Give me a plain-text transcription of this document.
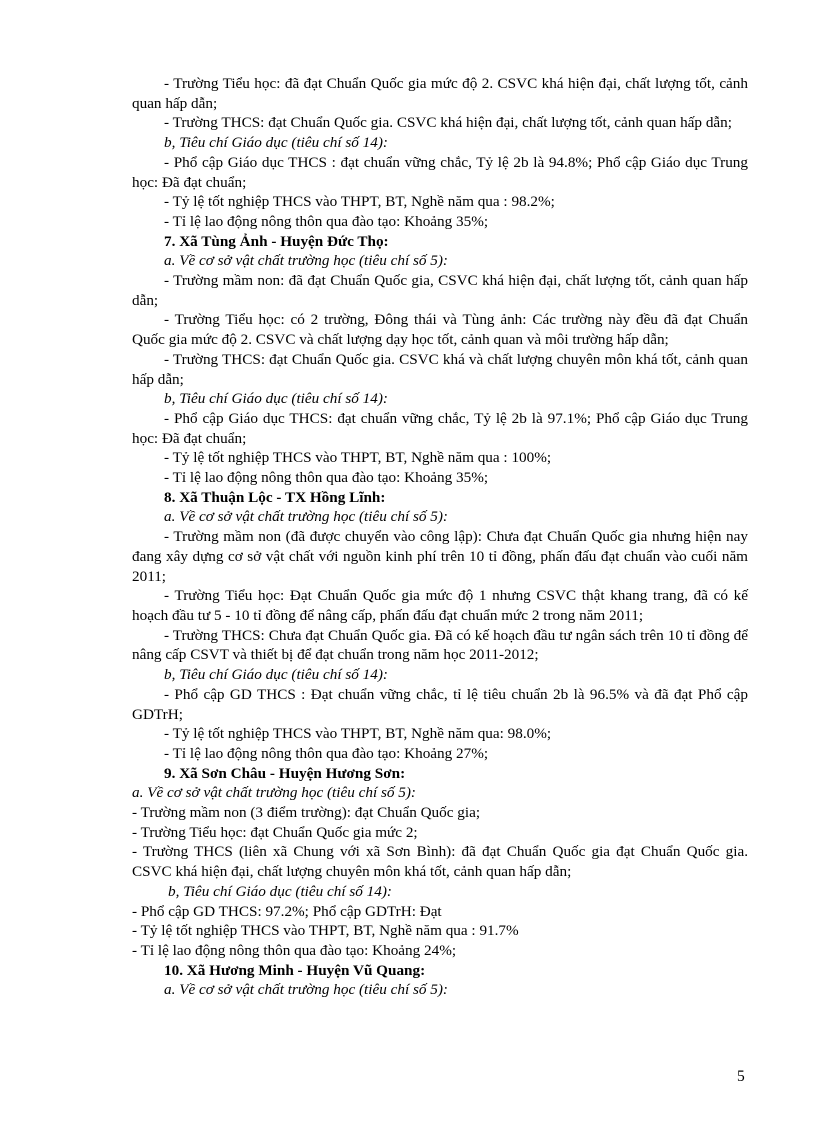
- Trường Tiểu học: đã đạt Chuẩn Quốc gia mức độ 2. CSVC khá hiện đại, chất lượng tốt, cảnh quan hấp dẫn;

- Trường THCS: đạt Chuẩn Quốc gia. CSVC khá hiện đại, chất lượng tốt, cảnh quan hấp dẫn;

b, Tiêu chí Giáo dục (tiêu chí số 14):

- Phổ cập Giáo dục THCS : đạt chuẩn vững chắc, Tỷ lệ 2b là 94.8%; Phổ cập Giáo dục Trung học: Đã đạt chuẩn;

- Tỷ lệ tốt nghiệp THCS vào THPT, BT, Nghề năm qua : 98.2%;

- Tỉ lệ lao động nông thôn qua đào tạo: Khoảng 35%;

7. Xã Tùng Ảnh - Huyện Đức Thọ:

a. Về cơ sở vật chất trường học (tiêu chí số 5):

- Trường mầm non: đã đạt Chuẩn Quốc gia, CSVC khá hiện đại, chất lượng tốt, cảnh quan hấp dẫn;

- Trường Tiểu học: có 2 trường, Đông thái và Tùng ảnh: Các trường này đều đã đạt Chuẩn Quốc gia mức độ 2. CSVC và chất lượng dạy học tốt, cảnh quan và môi trường hấp dẫn;

- Trường THCS: đạt Chuẩn Quốc gia. CSVC khá và chất lượng chuyên môn khá tốt, cảnh quan hấp dẫn;

b, Tiêu chí Giáo dục (tiêu chí số 14):

- Phổ cập Giáo dục THCS: đạt chuẩn vững chắc, Tỷ lệ 2b là 97.1%; Phổ cập Giáo dục Trung học: Đã đạt chuẩn;

- Tỷ lệ tốt nghiệp THCS vào THPT, BT, Nghề năm qua : 100%;

- Tỉ lệ lao động nông thôn qua đào tạo: Khoảng 35%;

8. Xã Thuận Lộc - TX Hồng Lĩnh:

a. Về cơ sở vật chất trường học (tiêu chí số 5):

- Trường mầm non (đã được chuyển vào công lập): Chưa đạt Chuẩn Quốc gia nhưng hiện nay đang xây dựng cơ sở vật chất với nguồn kinh phí trên 10 tỉ đồng, phấn đấu đạt chuẩn vào cuối năm 2011;

- Trường Tiểu học: Đạt Chuẩn Quốc gia mức độ 1 nhưng CSVC thật khang trang, đã có kế hoạch đầu tư 5 - 10 tỉ đồng để nâng cấp, phấn đấu đạt chuẩn mức 2 trong năm 2011;

- Trường THCS: Chưa đạt Chuẩn Quốc gia. Đã có kế hoạch đầu tư ngân sách trên 10 tỉ đồng để nâng cấp CSVT và thiết bị để đạt chuẩn trong năm học 2011-2012;

b, Tiêu chí Giáo dục (tiêu chí số 14):

- Phổ cập GD THCS : Đạt chuẩn vững chắc, tỉ lệ tiêu chuẩn 2b là 96.5% và đã đạt Phổ cập GDTrH;

- Tỷ lệ tốt nghiệp THCS vào THPT, BT, Nghề năm qua: 98.0%;

- Tỉ lệ lao động nông thôn qua đào tạo: Khoảng 27%;

9. Xã Sơn Châu - Huyện Hương Sơn:

a. Về cơ sở vật chất trường học (tiêu chí số 5):

- Trường mầm non (3 điểm trường): đạt Chuẩn Quốc gia;

- Trường Tiểu học: đạt Chuẩn Quốc gia mức 2;

- Trường THCS (liên xã Chung với xã Sơn Bình): đã đạt Chuẩn Quốc gia đạt Chuẩn Quốc gia. CSVC khá hiện đại, chất lượng chuyên môn khá tốt, cảnh quan hấp dẫn;

b, Tiêu chí Giáo dục (tiêu chí số 14):

- Phổ cập GD THCS: 97.2%; Phổ cập GDTrH: Đạt

- Tỷ lệ tốt nghiệp THCS vào THPT, BT, Nghề năm qua : 91.7%

- Tỉ lệ lao động nông thôn qua đào tạo: Khoảng 24%;

10. Xã Hương Minh - Huyện Vũ Quang:

a. Về cơ sở vật chất trường học (tiêu chí số 5):

5
